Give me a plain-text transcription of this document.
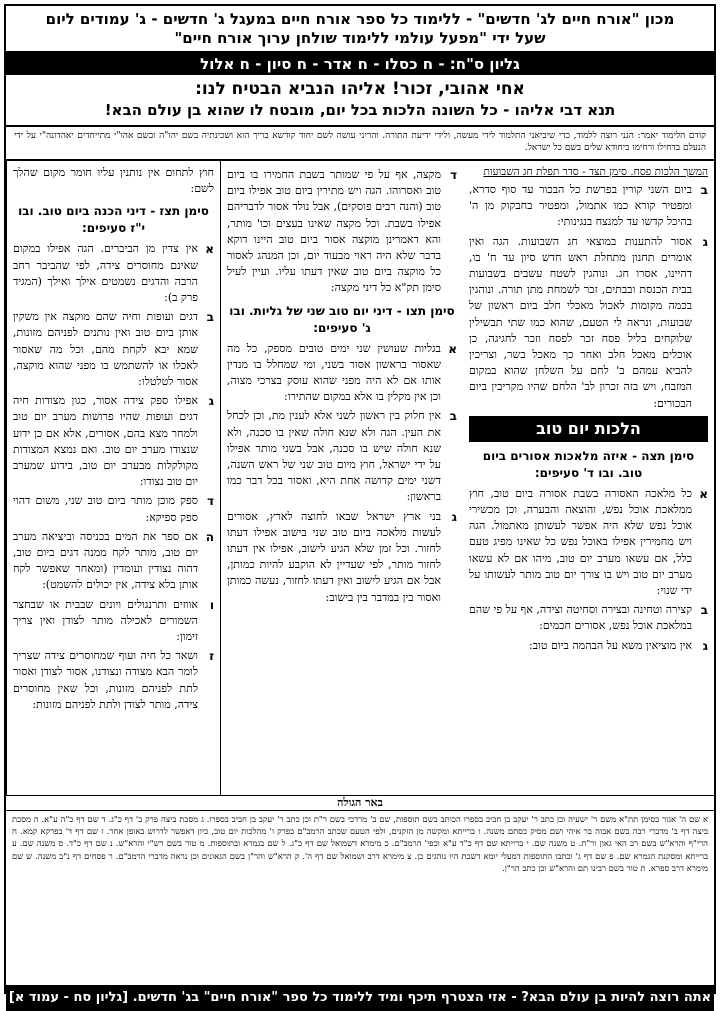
מכון "אורח חיים לג' חדשים" - ללימוד כל ספר אורח חיים במעגל ג' חדשים - ג' עמודים ליום
שעל ידי "מפעל עולמי ללימוד שולחן ערוך אורח חיים"
גליון ס"ח: - ח כסלו - ח אדר - ח סיון - ח אלול
אחי אהובי, זכור! אליהו הנביא הבטיח לנו:
תנא דבי אליהו - כל השונה הלכות בכל יום, מובטח לו שהוא בן עולם הבא!
קודם הלימוד יאמר: הנני רוצה ללמוד, כדי שיביאני התלמוד לידי מעשה, ולידי ידיעת התורה. והריני עושה לשם יחוד קודשא בריך הוא ושכינתיה בשם יהו"ה ובשם אהו"י מתייחדים יאהדונה"י על ידי הנעלם בדחילו ורחימו ביחודא שלים בשם כל ישראל.
המשך הלכות פסח. סימן תצד - סדר תפלת חג השבועות
ב
ביום השני קורין בפרשת כל הבכור עד סוף סדרא, ומפטיר קורא כמו אתמול, ומפטיר בחבקוק מן ה' בהיכל קדשו עד למנצח בנגינותי:
ג
אסור להתענות במוצאי חג השבועות. הגה ואין אומרים תחנון מתחלת ראש חדש סיון עד ח' בו, דהיינו, אסרו חג. ונוהגין לשטח עשבים בשבועות בבית הכנסת ובבתים, זכר לשמחת מתן תורה. ונוהגין בכמה מקומות לאכול מאכלי חלב ביום ראשון של שבועות, ונראה לי הטעם, שהוא כמו שתי תבשילין שלוקחים בליל פסח זכר לפסח וזכר לחגיגה, כן אוכלים מאכל חלב ואחר כך מאכל בשר, וצריכין להביא עמהם ב' לחם על השלחן שהוא במקום המזבח, ויש בזה זכרון לב' הלחם שהיו מקריבין ביום הבכורים:
הלכות יום טוב
סימן תצה - איזה מלאכות אסורים ביום טוב. ובו ד' סעיפים:
א
כל מלאכה האסורה בשבת אסורה ביום טוב, חוץ ממלאכת אוכל נפש, והוצאה והבערה, וכן מכשירי אוכל נפש שלא היה אפשר לעשותן מאתמול. הגה ויש מחמירין אפילו באוכל נפש כל שאינו מפיג טעם כלל, אם עשאו מערב יום טוב, מיהו אם לא עשאו מערב יום טוב ויש בו צורך יום טוב מותר לעשותו על ידי שנוי:
ב
קצירה וטחינה ובצירה וסחיטה וצידה, אף על פי שהם במלאכת אוכל נפש, אסורים חכמים:
ג
אין מוציאין משא על הבהמה ביום טוב:
ד
מקצה, אף על פי שמותר בשבת החמירו בו ביום טוב ואסרוהו. הגה ויש מתירין ביום טוב אפילו ביום טוב (והנה רבים פוסקים), אבל נולד אסור לדבריהם אפילו בשבת. וכל מקצה שאינו בעצים וכו' מותר, והא דאמרינן מוקצה אסור ביום טוב היינו דוקא בדבר שלא היה ראוי מבעוד יום, וכן המנהג לאסור כל מוקצה ביום טוב שאין דעתו עליו. ועיין לעיל סימן תק"א כל דיני מקצה:
סימן תצו - דיני יום טוב שני של גליות. ובו ג' סעיפים:
א
בגליות שעושין שני ימים טובים מספק, כל מה שאסור בראשון אסור בשני, ומי שמחלל בו מנדין אותו אם לא היה מפני שהוא עוסק בצרכי מצוה, וכן אין מקלין בו אלא במקום שהתירו:
ב
אין חלוק בין ראשון לשני אלא לענין מת, וכן לכחל את העין. הגה ולא שנא חולה שאין בו סכנה, ולא שנא חולה שיש בו סכנה, אבל בשני מותר אפילו על ידי ישראל, חוץ מיום טוב שני של ראש השנה, דשני ימים קדושה אחת היא, ואסור בכל דבר כמו בראשון:
ג
בני ארץ ישראל שבאו לחוצה לארץ, אסורים לעשות מלאכה ביום טוב שני בישוב אפילו דעתו לחזור. וכל זמן שלא הגיע לישוב, אפילו אין דעתו לחזור מותר, לפי שעדיין לא הוקבע להיות כמותן, אבל אם הגיע לישוב ואין דעתו לחזור, נעשה כמותן ואסור בין במדבר בין בישוב:
חוץ לתחום אין נותנין עליו חומר מקום שהלך לשם:
סימן תצז - דיני הכנה ביום טוב. ובו י"ז סעיפים:
א
אין צדין מן הביברים. הגה אפילו במקום שאינם מחוסרים צידה, לפי שהביבר רחב הרבה והדגים נשמטים אילך ואילך (המגיד פרק ב):
ב
דגים ועופות וחיה שהם מוקצה אין משקין אותן ביום טוב ואין נותנים לפניהם מזונות, שמא יבא לקחת מהם, וכל מה שאסור לאכלו או להשתמש בו מפני שהוא מוקצה, אסור לטלטלו:
ג
אפילו ספק צידה אסור, כגון מצודות חיה דגים ועופות שהיו פרושות מערב יום טוב ולמחר מצא בהם, אסורים, אלא אם כן ידוע שנצודו מערב יום טוב. ואם נמצא המצודות מקולקלות מבערב יום טוב, בידוע שמערב יום טוב נצודו:
ד
ספק מוכן מותר ביום טוב שני, משום דהוי ספק ספיקא:
ה
אם ספר את המים בכניסה וביציאה מערב יום טוב, מותר לקח ממנה דגים ביום טוב, דהוה נצודין ועומדין (ומאחר שאפשר לקח אותן בלא צידה, אין יכולים להשמט):
ו
אווזים ותרנגולים ויונים שבבית או שבחצר השמורים לאכילה מותר לצודן ואין צריך זימון:
ז
ושאר כל חיה ועוף שמחוסרים צידה שצריך לומר הבא מצודה ונצודנו, אסור לצודן ואסור לתת לפניהם מזונות, וכל שאין מחוסרים צידה, מותר לצודן ולתת לפניהם מזונות:
באר הגולה
א שם ה' אגור בסימן תת"א משם ר' ישעיה וכן כתב ר' יעקב בן חביב בספרו הכותב בשם תוספות, שם ב' מרדכי בשם ר"ת וכן כתב ר' יעקב בן חביב בספרו. ג מסכת ביצה פרק ב' דף כ"ג. ד שם דף כ"ה ע"א. ה מסכת ביצה דף ב' מדברי רבה בשם אבוה בר איהי ושם מסיק כסתם משנה. ו ברייתא ומקשה מן הזקנים, ולפי הטעם שכתב הרמב"ם בפרק ו' מהלכות יום טוב, כיון דאפשר לדרוש באופן אחר. ז שם דף ד' בפרקא קמא. ח הרי"ף והרא"ש בשם רב האי גאון ור"ת. ט משנה שם. י ברייתא שם דף כ"ד ע"א וכפי' הרמב"ם. כ מימרא דשמואל שם דף כ"ג. ל שם בגמרא ובתוספות. מ טור בשם רש"י והרא"ש. נ שם דף כ"ד. ס משנה שם. ע ברייתא ומסקנת הגמרא שם. פ שם דף ג' וכתבו התוספות דמעלי יומא דשבת היו נוהגים כן. צ מימרא דרב ושמואל שם דף ה'. ק הרא"ש והר"ן בשם הגאונים וכן נראה מדברי הרמב"ם. ר פסחים דף נ"ב משנה. ש שם מימרא דרב ספרא. ת טור בשם רבינו תם והרא"ש וכן כתב הר"ן.
אתה רוצה להיות בן עולם הבא? - אזי הצטרף תיכף ומיד ללימוד כל ספר "אורח חיים" בג' חדשים. [גליון סח - עמוד א]
